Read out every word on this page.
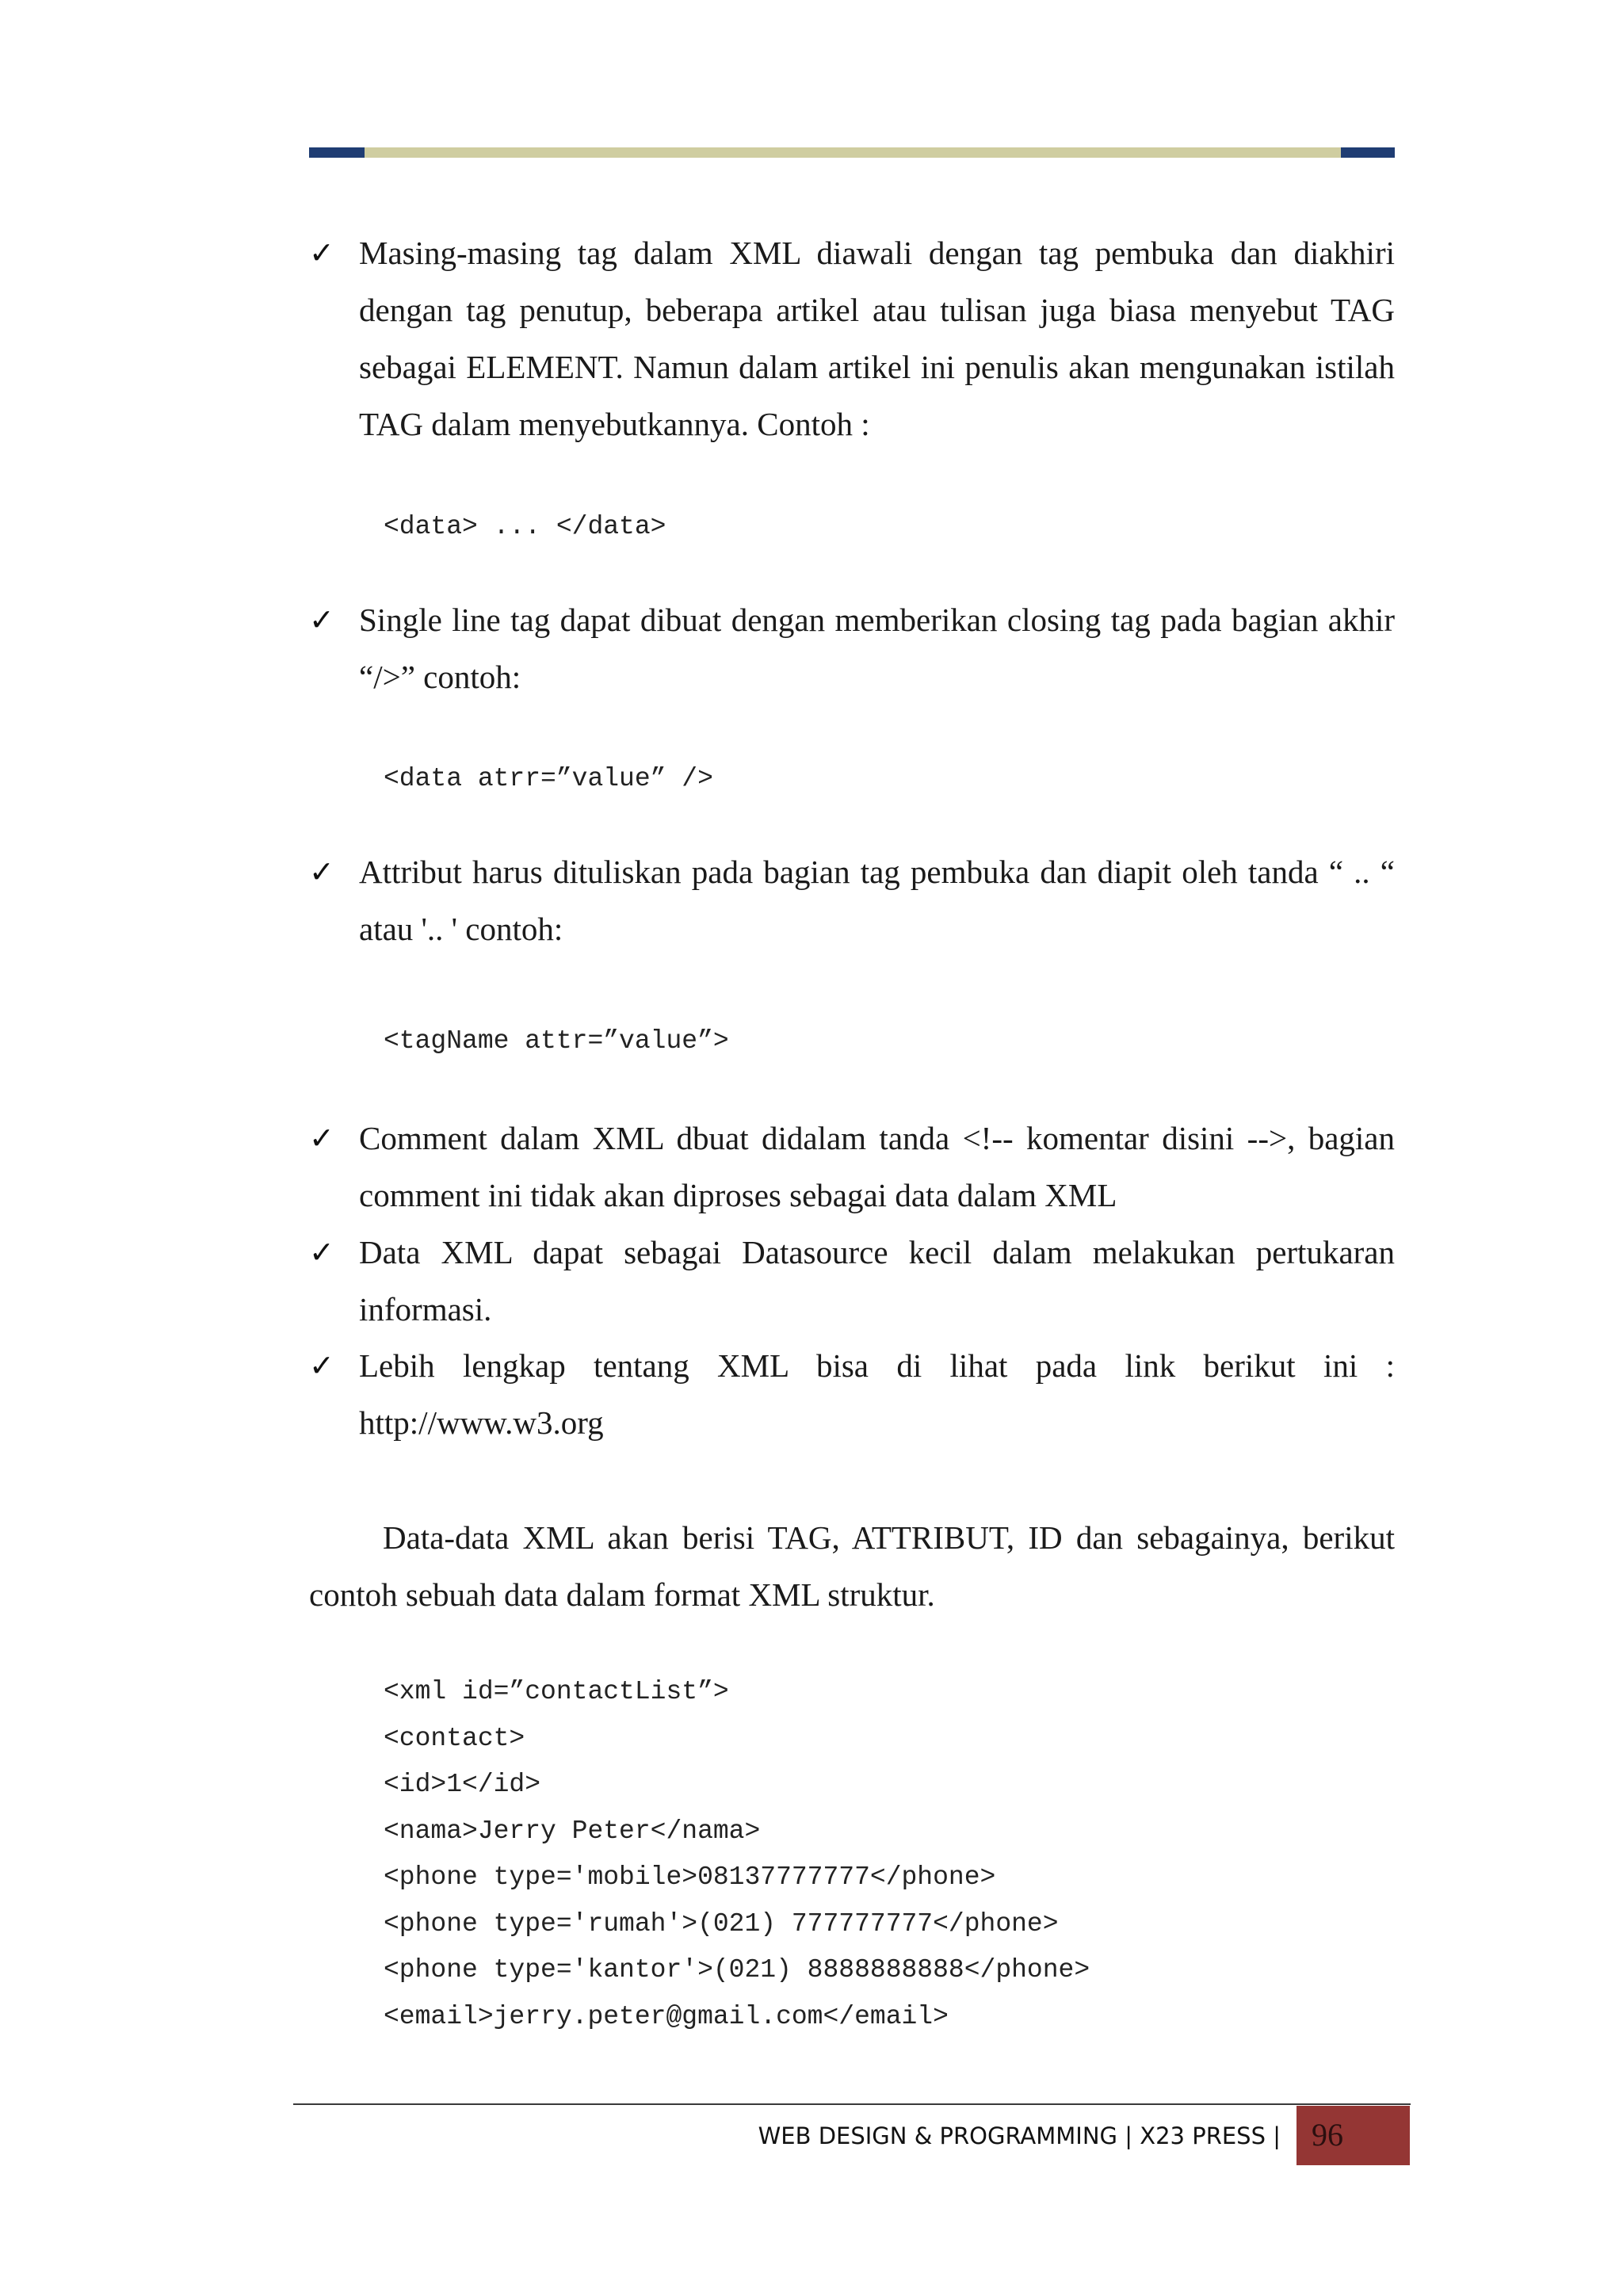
✓ Masing-masing tag dalam XML diawali dengan tag pembuka dan diakhiri dengan tag penutup, beberapa artikel atau tulisan juga biasa menyebut TAG sebagai ELEMENT. Namun dalam artikel ini penulis akan mengunakan istilah TAG dalam menyebutkannya. Contoh :
<data> ... </data>
✓ Single line tag dapat dibuat dengan memberikan closing tag pada bagian akhir “/>” contoh:
<data atrr=”value” />
✓ Attribut harus dituliskan pada bagian tag pembuka dan diapit oleh tanda “ .. “ atau '.. ' contoh:
<tagName attr=”value”>
✓ Comment dalam XML dbuat didalam tanda <!-- komentar disini -->, bagian comment ini tidak akan diproses sebagai data dalam XML
✓ Data XML dapat sebagai Datasource kecil dalam melakukan pertukaran informasi.
✓ Lebih lengkap tentang XML bisa di lihat pada link berikut ini : http://www.w3.org
Data-data XML akan berisi TAG, ATTRIBUT, ID dan sebagainya, berikut contoh sebuah data dalam format XML struktur.
<xml id=”contactList”>
<contact>
<id>1</id>
<nama>Jerry Peter</nama>
<phone type='mobile>08137777777</phone>
<phone type='rumah'>(021) 777777777</phone>
<phone type='kantor'>(021) 8888888888</phone>
<email>jerry.peter@gmail.com</email>
WEB DESIGN & PROGRAMMING | X23 PRESS | 96
